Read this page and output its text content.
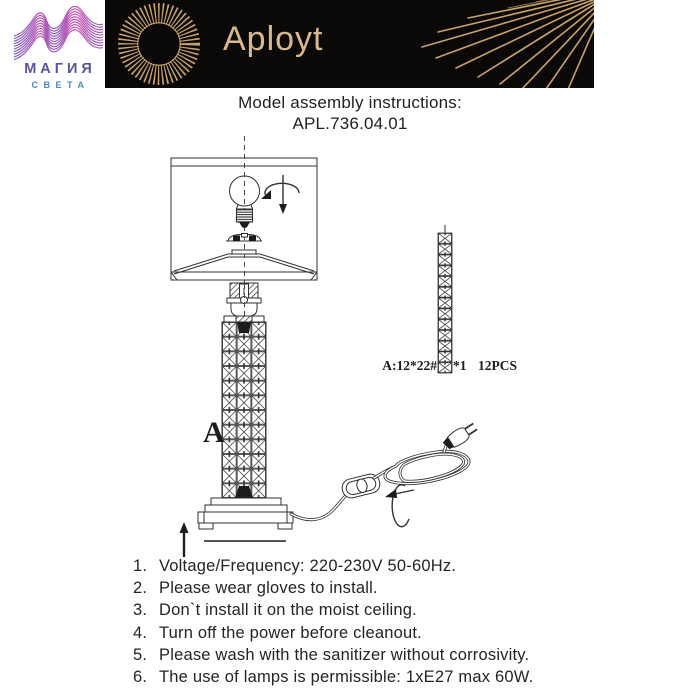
МАГИЯ
СВЕТА
Aployt
Model assembly instructions:
APL.736.04.01
A
A:12*22# *1 12PCS
1. Voltage/Frequency: 220-230V 50-60Hz.
2. Please wear gloves to install.
3. Don`t install it on the moist ceiling.
4. Turn off the power before cleanout.
5. Please wash with the sanitizer without corrosivity.
6. The use of lamps is permissible: 1xE27 max 60W.
